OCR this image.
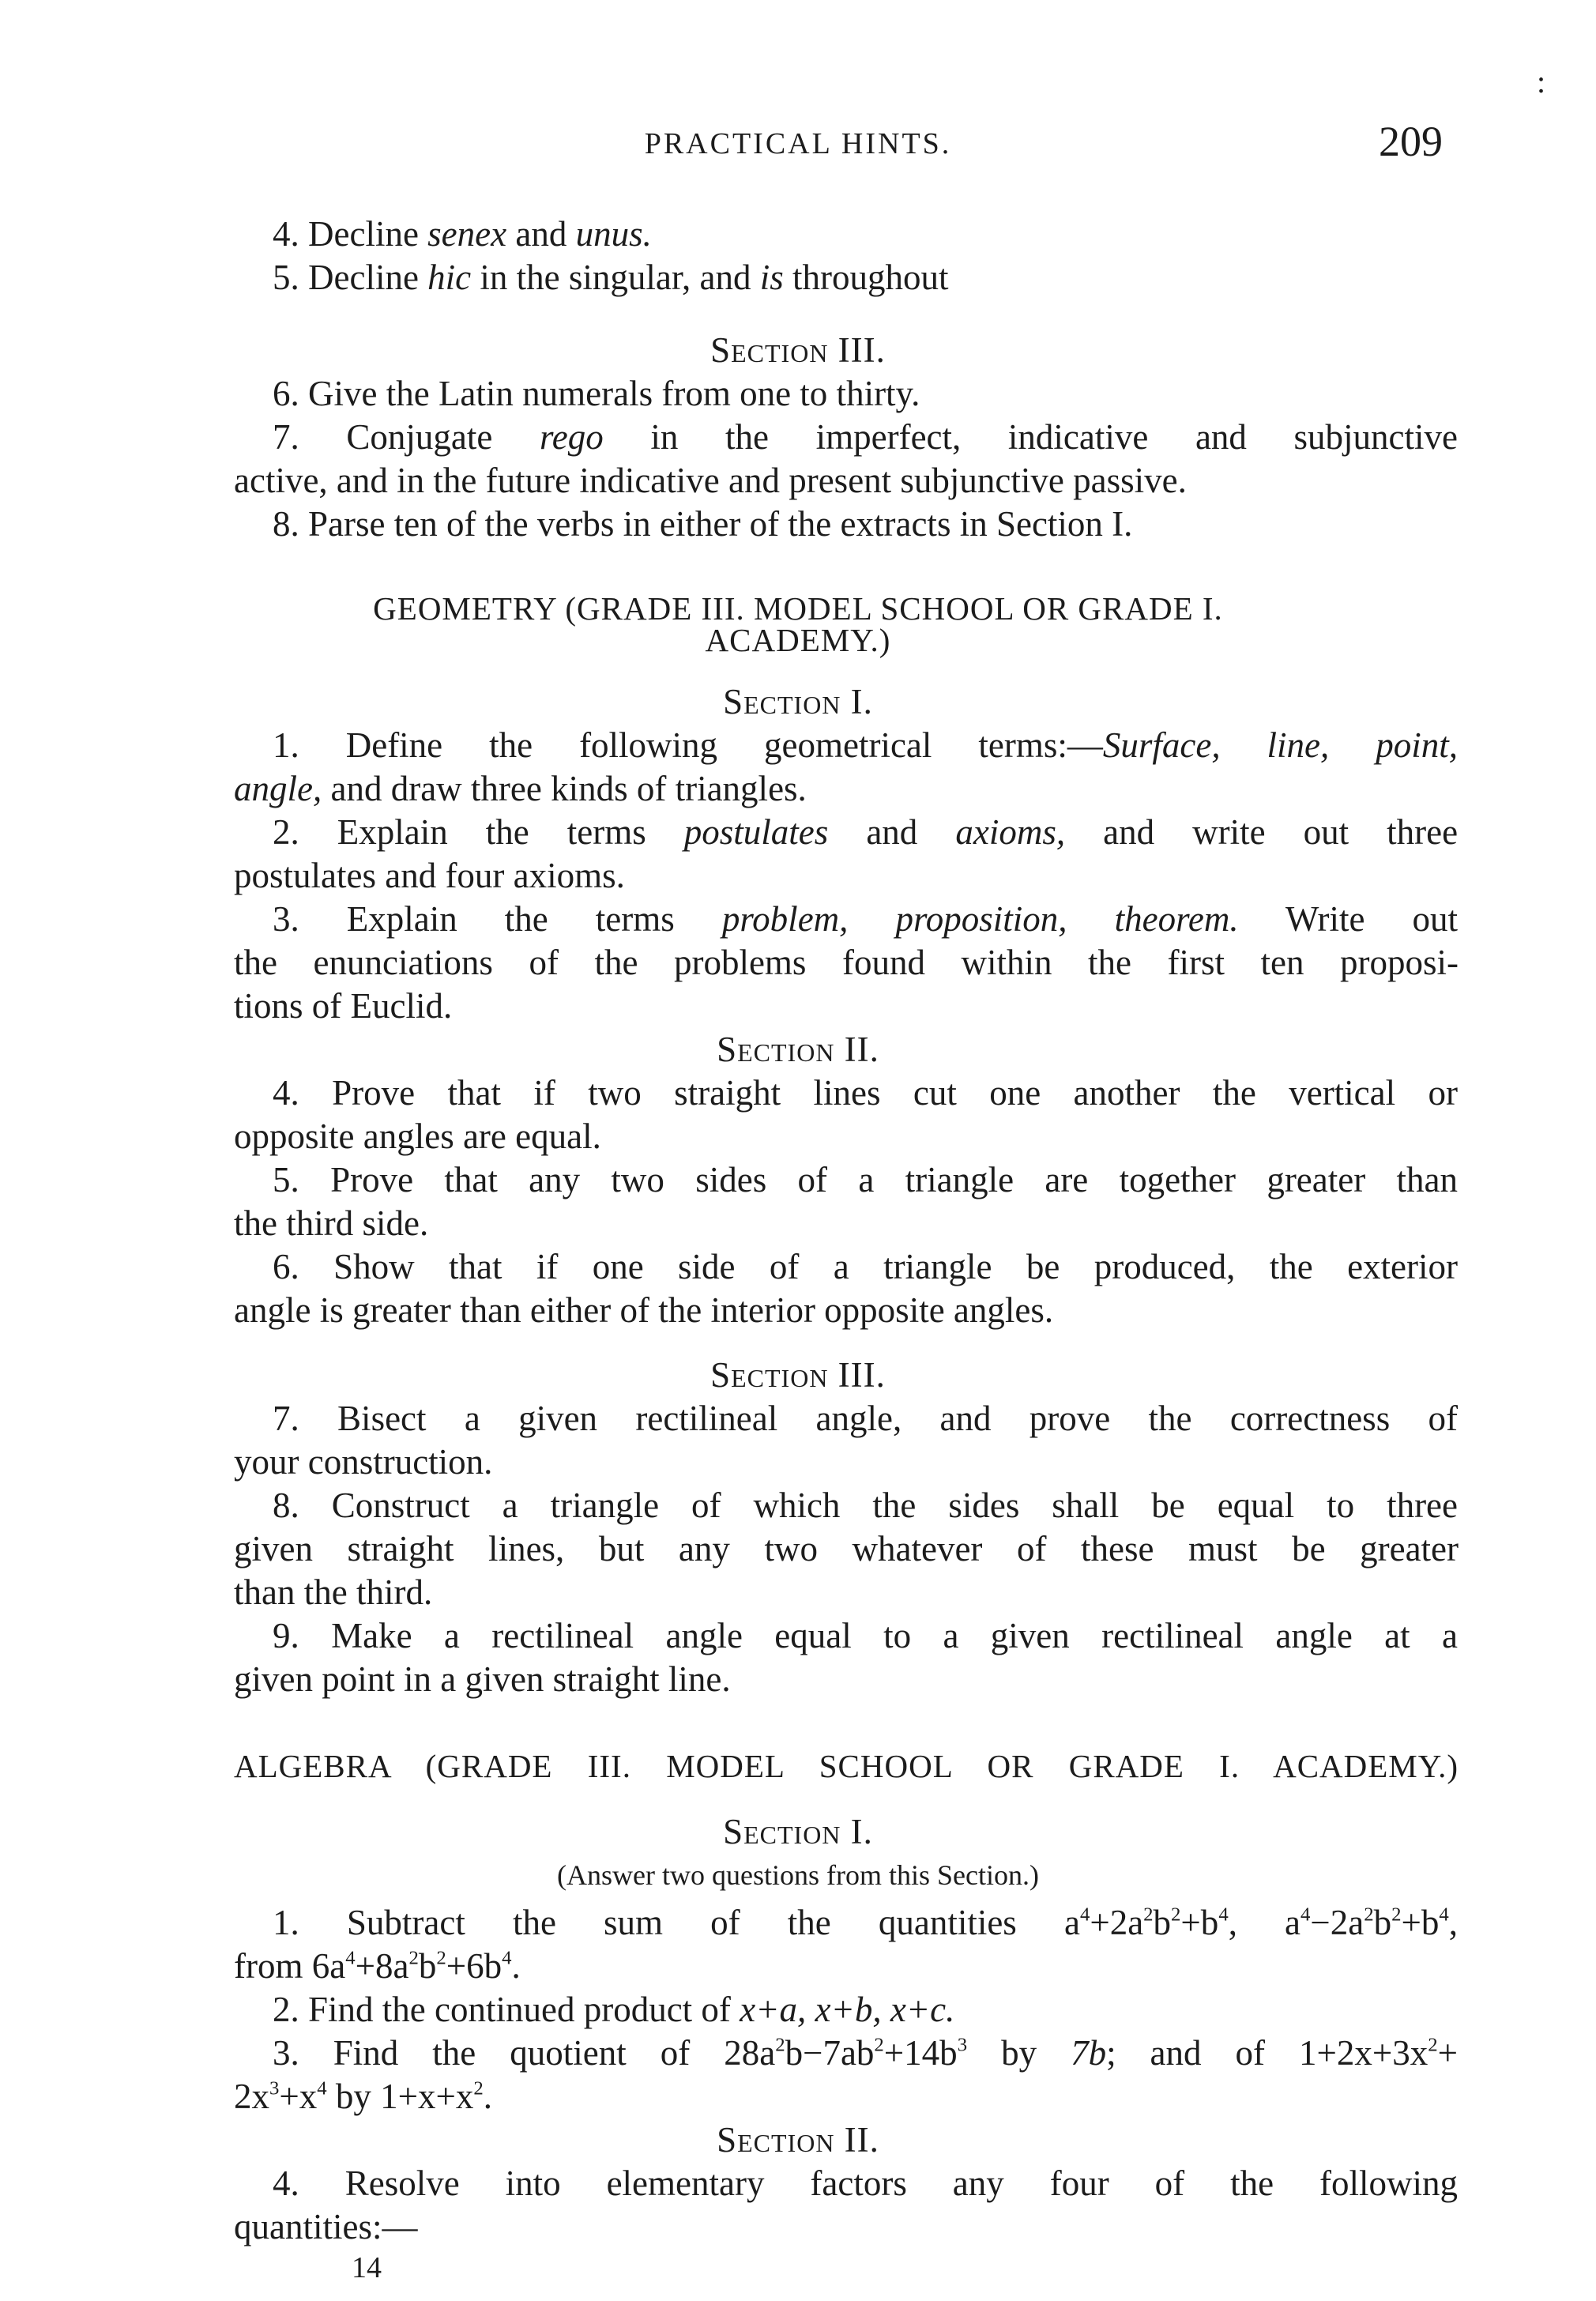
PRACTICAL HINTS.	209
:
4. Decline senex and unus.
5. Decline hic in the singular, and is throughout
Section III.
6. Give the Latin numerals from one to thirty.
7. Conjugate rego in the imperfect, indicative and subjunctive
active, and in the future indicative and present subjunctive passive.
8. Parse ten of the verbs in either of the extracts in Section I.
GEOMETRY (GRADE III. MODEL SCHOOL OR GRADE I.
ACADEMY.)
Section I.
1. Define the following geometrical terms:—Surface, line, point,
angle, and draw three kinds of triangles.
2. Explain the terms postulates and axioms, and write out three
postulates and four axioms.
3. Explain the terms problem, proposition, theorem. Write out
the enunciations of the problems found within the first ten proposi-
tions of Euclid.
Section II.
4. Prove that if two straight lines cut one another the vertical or
opposite angles are equal.
5. Prove that any two sides of a triangle are together greater than
the third side.
6. Show that if one side of a triangle be produced, the exterior
angle is greater than either of the interior opposite angles.
Section III.
7. Bisect a given rectilineal angle, and prove the correctness of
your construction.
8. Construct a triangle of which the sides shall be equal to three
given straight lines, but any two whatever of these must be greater
than the third.
9. Make a rectilineal angle equal to a given rectilineal angle at a
given point in a given straight line.
ALGEBRA (GRADE III. MODEL SCHOOL OR GRADE I. ACADEMY.)
Section I.
(Answer two questions from this Section.)
1. Subtract the sum of the quantities $a^4+2a^2b^2+b^4$, $a^4-2a^2b^2+b^4$,
from $6a^4+8a^2b^2+6b^4$.
2. Find the continued product of x+a, x+b, x+c.
3. Find the quotient of $28a^2b-7ab^2+14b^3$ by 7b; and of $1+2x+3x^2+$
$2x^3+x^4$ by $1+x+x^2$.
Section II.
4. Resolve into elementary factors any four of the following
quantities:—
14
